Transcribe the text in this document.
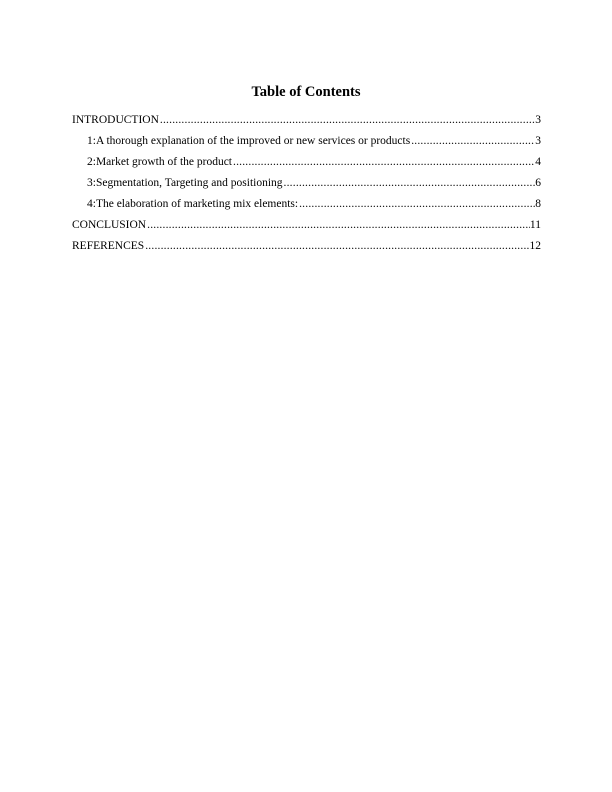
Table of Contents
INTRODUCTION .....	3
1:A thorough explanation of the improved or new services or products .....	3
2:Market growth of the product .....	4
3:Segmentation, Targeting and positioning .....	6
4:The elaboration of marketing mix elements: .....	8
CONCLUSION .....	11
REFERENCES .....	12
